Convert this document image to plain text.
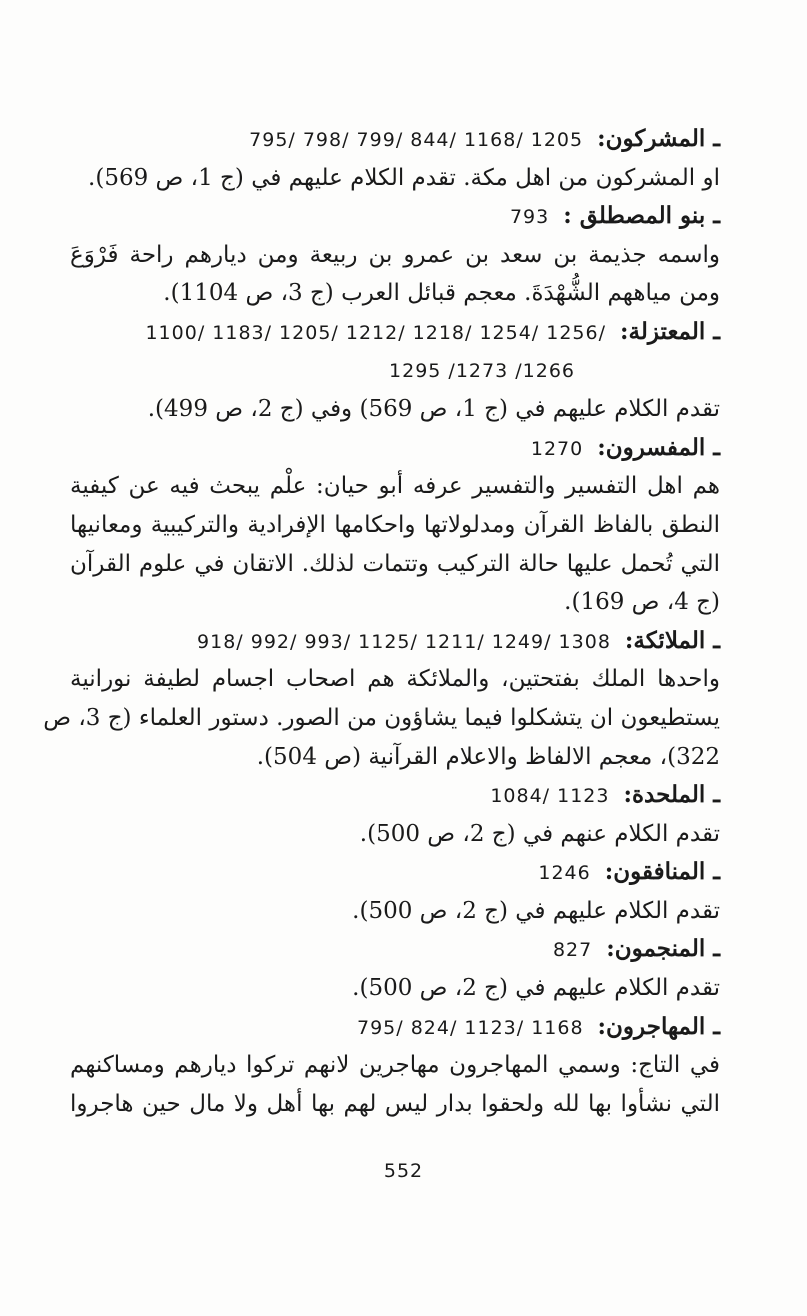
ـ المشركون:795/ 798/ 799/ 844/ 1168/ 1205
او المشركون من اهل مكة. تقدم الكلام عليهم في (ج 1، ص 569).
ـ بنو المصطلق :793
واسمه جذيمة بن سعد بن عمرو بن ربيعة ومن ديارهم راحة فَرْوَعَ
ومن مياههم الشُّهْدَةَ. معجم قبائل العرب (ج 3، ص 1104).
ـ المعتزلة:1100/ 1183/ 1205/ 1212/ 1218/ 1254/ 1256/
1266/ 1273/ 1295
تقدم الكلام عليهم في (ج 1، ص 569) وفي (ج 2، ص 499).
ـ المفسرون:1270
هم اهل التفسير والتفسير عرفه أبو حيان: علْم يبحث فيه عن كيفية
النطق بالفاظ القرآن ومدلولاتها واحكامها الإفرادية والتركيبية ومعانيها
التي تُحمل عليها حالة التركيب وتتمات لذلك. الاتقان في علوم القرآن
(ج 4، ص 169).
ـ الملائكة:918/ 992/ 993/ 1125/ 1211/ 1249/ 1308
واحدها الملك بفتحتين، والملائكة هم اصحاب اجسام لطيفة نورانية
يستطيعون ان يتشكلوا فيما يشاؤون من الصور. دستور العلماء (ج 3، ص
322)، معجم الالفاظ والاعلام القرآنية (ص 504).
ـ الملحدة:1084/ 1123
تقدم الكلام عنهم في (ج 2، ص 500).
ـ المنافقون:1246
تقدم الكلام عليهم في (ج 2، ص 500).
ـ المنجمون:827
تقدم الكلام عليهم في (ج 2، ص 500).
ـ المهاجرون:795/ 824/ 1123/ 1168
في التاج: وسمي المهاجرون مهاجرين لانهم تركوا ديارهم ومساكنهم
التي نشأوا بها لله ولحقوا بدار ليس لهم بها أهل ولا مال حين هاجروا
552
